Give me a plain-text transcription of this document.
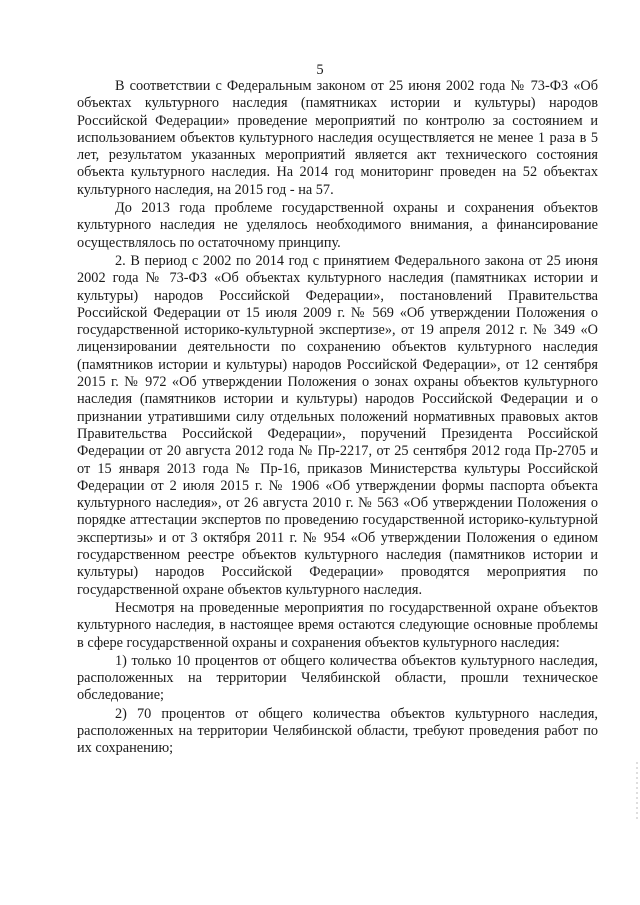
5

В соответствии с Федеральным законом от 25 июня 2002 года № 73-ФЗ «Об объектах культурного наследия (памятниках истории и культуры) народов Российской Федерации» проведение мероприятий по контролю за состоянием и использованием объектов культурного наследия осуществляется не менее 1 раза в 5 лет, результатом указанных мероприятий является акт технического состояния объекта культурного наследия. На 2014 год мониторинг проведен на 52 объектах культурного наследия, на 2015 год - на 57.

До 2013 года проблеме государственной охраны и сохранения объектов культурного наследия не уделялось необходимого внимания, а финансирование осуществлялось по остаточному принципу.

2. В период с 2002 по 2014 год с принятием Федерального закона от 25 июня 2002 года № 73-ФЗ «Об объектах культурного наследия (памятниках истории и культуры) народов Российской Федерации», постановлений Правительства Российской Федерации от 15 июля 2009 г. № 569 «Об утверждении Положения о государственной историко-культурной экспертизе», от 19 апреля 2012 г. № 349 «О лицензировании деятельности по сохранению объектов культурного наследия (памятников истории и культуры) народов Российской Федерации», от 12 сентября 2015 г. № 972 «Об утверждении Положения о зонах охраны объектов культурного наследия (памятников истории и культуры) народов Российской Федерации и о признании утратившими силу отдельных положений нормативных правовых актов Правительства Российской Федерации», поручений Президента Российской Федерации от 20 августа 2012 года № Пр-2217, от 25 сентября 2012 года Пр-2705 и от 15 января 2013 года № Пр-16, приказов Министерства культуры Российской Федерации от 2 июля 2015 г. № 1906 «Об утверждении формы паспорта объекта культурного наследия», от 26 августа 2010 г. № 563 «Об утверждении Положения о порядке аттестации экспертов по проведению государственной историко-культурной экспертизы» и от 3 октября 2011 г. № 954 «Об утверждении Положения о едином государственном реестре объектов культурного наследия (памятников истории и культуры) народов Российской Федерации» проводятся мероприятия по государственной охране объектов культурного наследия.

Несмотря на проведенные мероприятия по государственной охране объектов культурного наследия, в настоящее время остаются следующие основные проблемы в сфере государственной охраны и сохранения объектов культурного наследия:

1) только 10 процентов от общего количества объектов культурного наследия, расположенных на территории Челябинской области, прошли техническое обследование;

2) 70 процентов от общего количества объектов культурного наследия, расположенных на территории Челябинской области, требуют проведения работ по их сохранению;
